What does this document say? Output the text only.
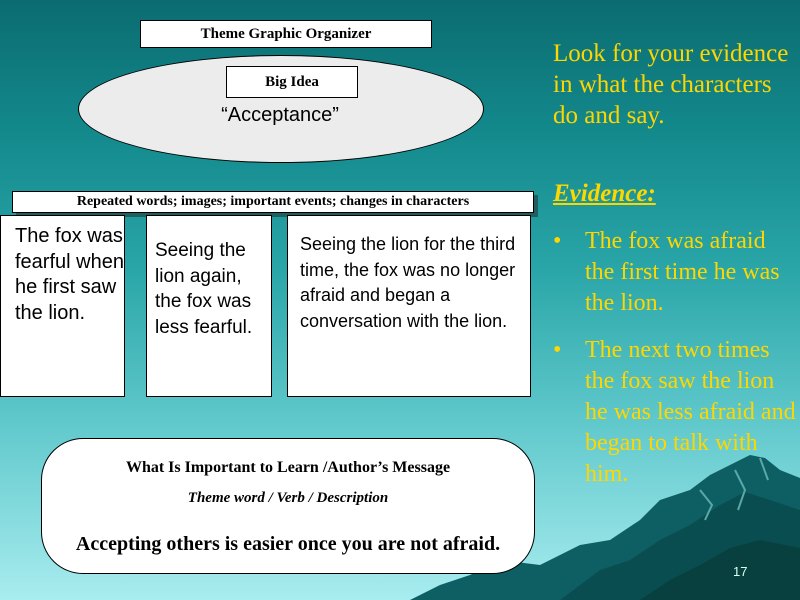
Theme Graphic Organizer
Big Idea
“Acceptance”
Repeated words; images; important events; changes in characters
The fox was fearful when he first saw the lion.
Seeing the lion again, the fox was less fearful.
Seeing the lion for the third time, the fox was no longer afraid and began a conversation with the lion.
What Is Important to Learn /Author’s Message
Theme word / Verb / Description
Accepting others is easier once you are not afraid.
Look for your evidence in what the characters do and say.
Evidence:
• The fox was afraid the first time he was the lion.
• The next two times the fox saw the lion he was less afraid and began to talk with him.
17
